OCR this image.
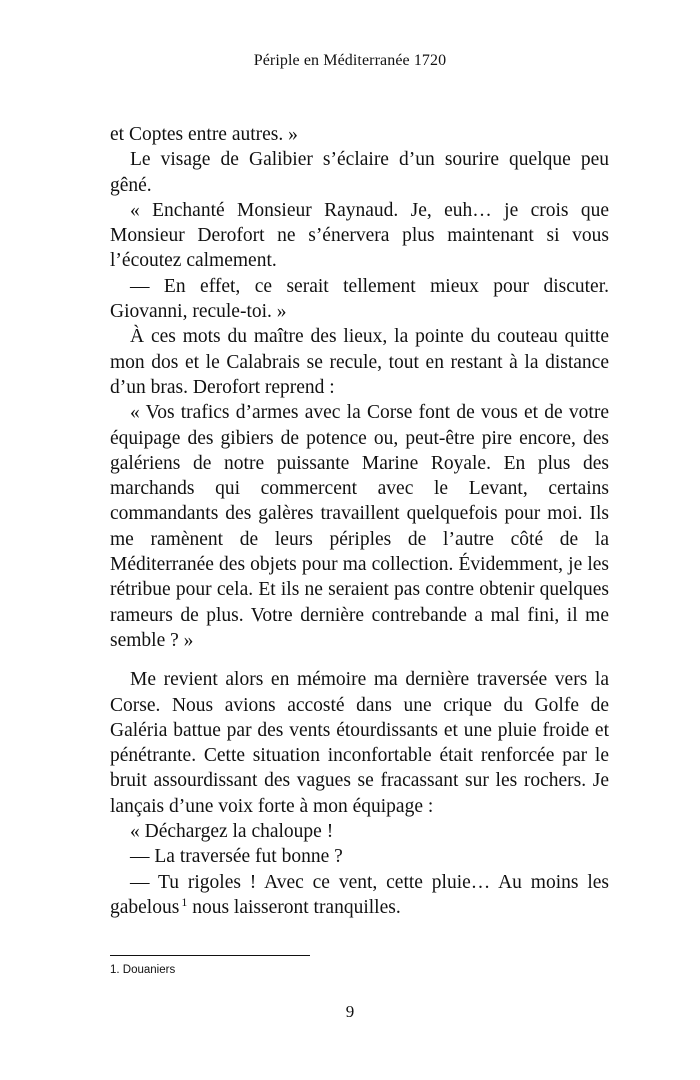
Périple en Méditerranée 1720

et Coptes entre autres. »

Le visage de Galibier s’éclaire d’un sourire quelque peu gêné.

« Enchanté Monsieur Raynaud. Je, euh… je crois que Monsieur Derofort ne s’énervera plus maintenant si vous l’écoutez calmement.

— En effet, ce serait tellement mieux pour discuter. Giovanni, recule-toi. »

À ces mots du maître des lieux, la pointe du couteau quitte mon dos et le Calabrais se recule, tout en restant à la distance d’un bras. Derofort reprend :

« Vos trafics d’armes avec la Corse font de vous et de votre équipage des gibiers de potence ou, peut-être pire encore, des galériens de notre puissante Marine Royale. En plus des marchands qui commercent avec le Levant, certains commandants des galères travaillent quelquefois pour moi. Ils me ramènent de leurs périples de l’autre côté de la Méditerranée des objets pour ma collection. Évidemment, je les rétribue pour cela. Et ils ne seraient pas contre obtenir quelques rameurs de plus. Votre dernière contrebande a mal fini, il me semble ? »

Me revient alors en mémoire ma dernière traversée vers la Corse. Nous avions accosté dans une crique du Golfe de Galéria battue par des vents étourdissants et une pluie froide et pénétrante. Cette situation inconfortable était renforcée par le bruit assourdissant des vagues se fracassant sur les rochers. Je lançais d’une voix forte à mon équipage :

« Déchargez la chaloupe !

— La traversée fut bonne ?

— Tu rigoles ! Avec ce vent, cette pluie… Au moins les gabelous $^1$ nous laisseront tranquilles.

1. Douaniers
9
